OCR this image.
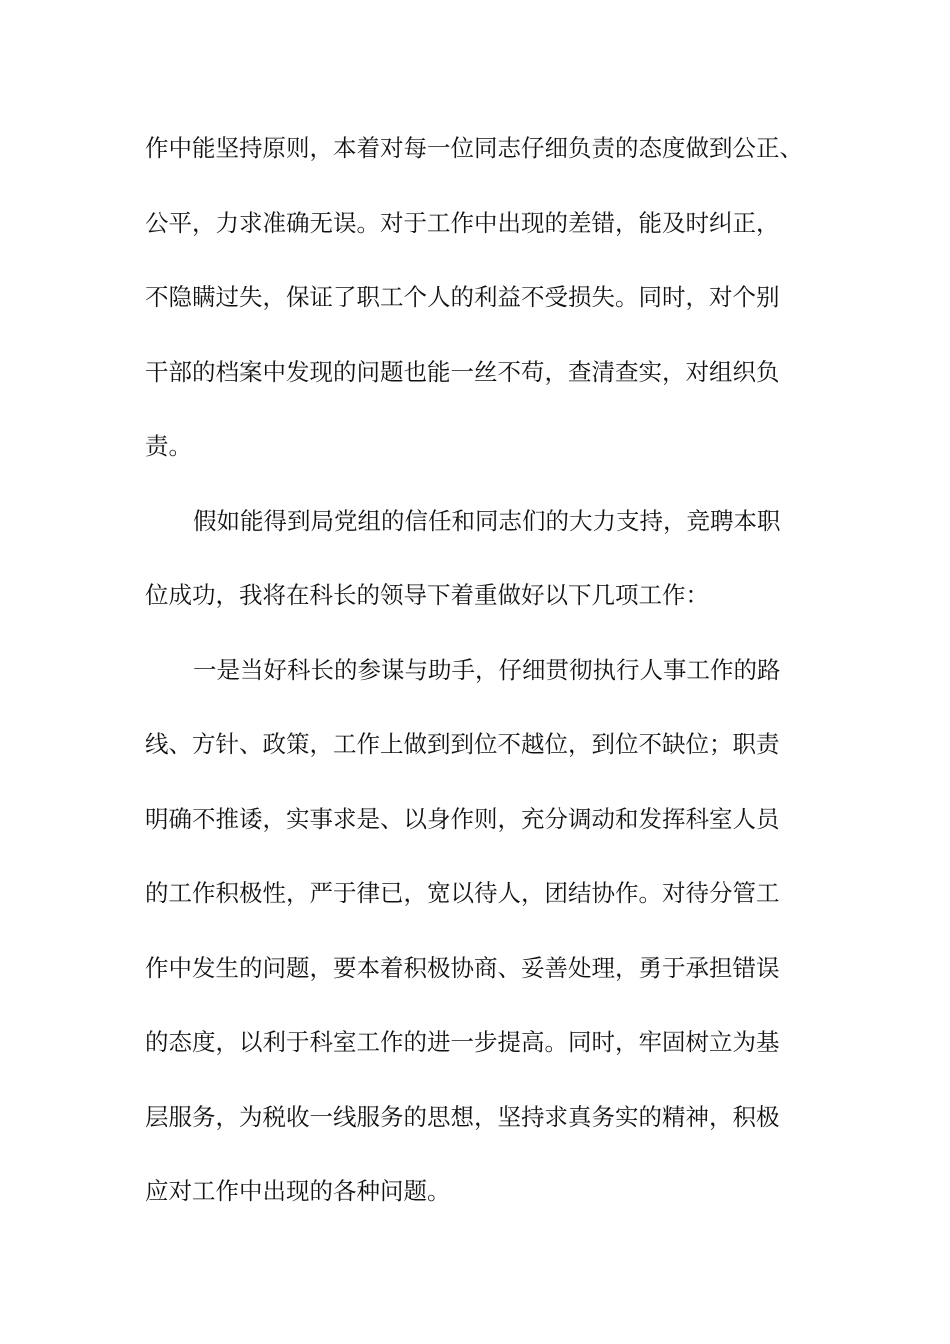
作中能坚持原则，本着对每一位同志仔细负责的态度做到公正、
公平，力求准确无误。对于工作中出现的差错，能及时纠正，
不隐瞒过失，保证了职工个人的利益不受损失。同时，对个别
干部的档案中发现的问题也能一丝不苟，查清查实，对组织负
责。
假如能得到局党组的信任和同志们的大力支持，竞聘本职
位成功，我将在科长的领导下着重做好以下几项工作：
一是当好科长的参谋与助手，仔细贯彻执行人事工作的路
线、方针、政策，工作上做到到位不越位，到位不缺位；职责
明确不推诿，实事求是、以身作则，充分调动和发挥科室人员
的工作积极性，严于律已，宽以待人，团结协作。对待分管工
作中发生的问题，要本着积极协商、妥善处理，勇于承担错误
的态度，以利于科室工作的进一步提高。同时，牢固树立为基
层服务，为税收一线服务的思想，坚持求真务实的精神，积极
应对工作中出现的各种问题。
